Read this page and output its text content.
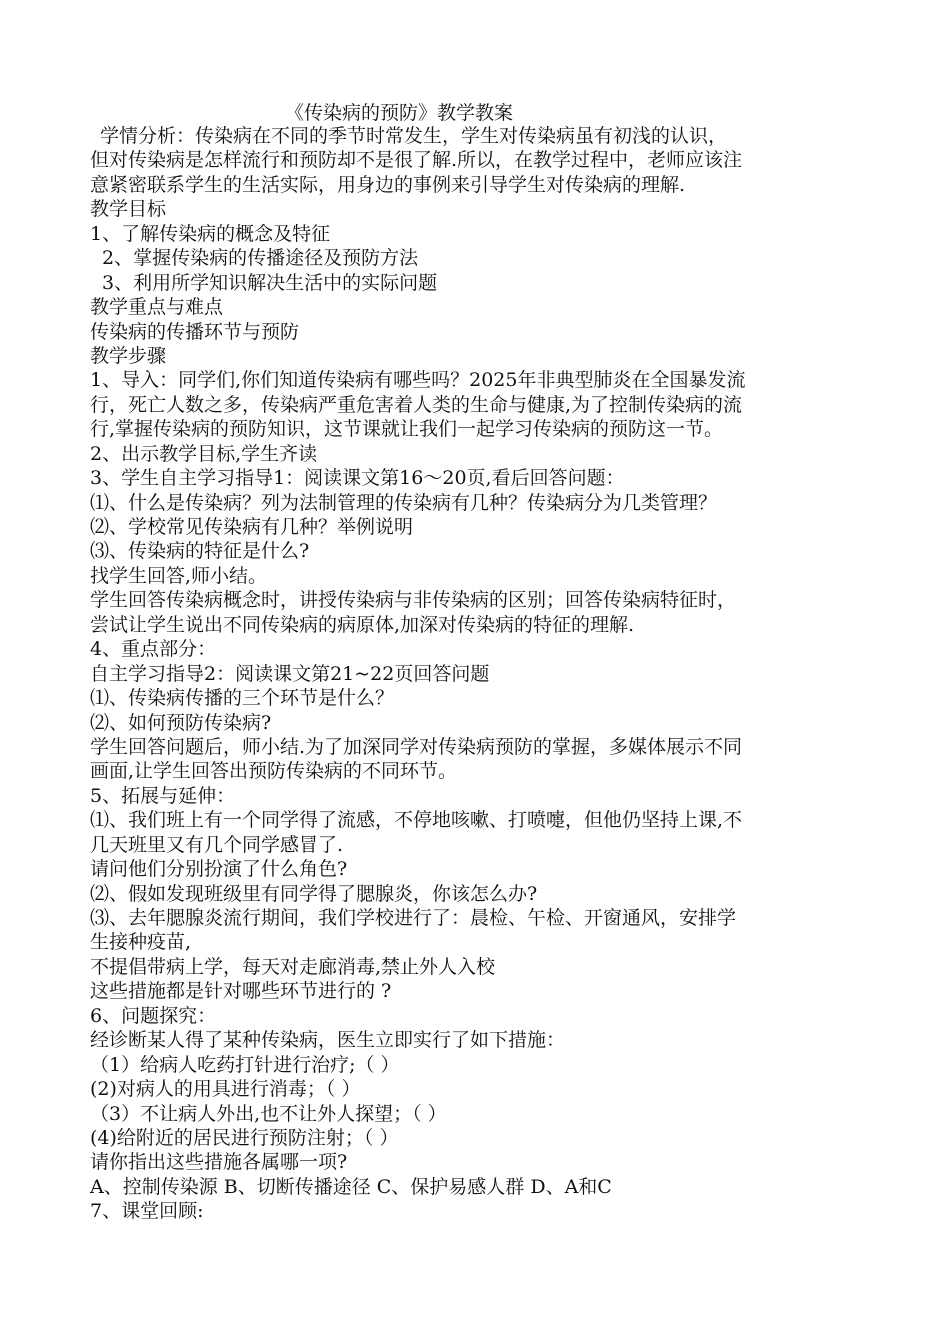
《传染病的预防》教学教案
学情分析：传染病在不同的季节时常发生，学生对传染病虽有初浅的认识，
但对传染病是怎样流行和预防却不是很了解.所以，在教学过程中，老师应该注
意紧密联系学生的生活实际，用身边的事例来引导学生对传染病的理解.
教学目标
1、了解传染病的概念及特征
2、掌握传染病的传播途径及预防方法
3、利用所学知识解决生活中的实际问题
教学重点与难点
传染病的传播环节与预防
教学步骤
1、导入：同学们,你们知道传染病有哪些吗？2025年非典型肺炎在全国暴发流
行，死亡人数之多，传染病严重危害着人类的生命与健康,为了控制传染病的流
行,掌握传染病的预防知识，这节课就让我们一起学习传染病的预防这一节。
2、出示教学目标,学生齐读
3、学生自主学习指导1：阅读课文第16～20页,看后回答问题：
⑴、什么是传染病？列为法制管理的传染病有几种？传染病分为几类管理？
⑵、学校常见传染病有几种？举例说明
⑶、传染病的特征是什么?
找学生回答,师小结。
学生回答传染病概念时，讲授传染病与非传染病的区别；回答传染病特征时，
尝试让学生说出不同传染病的病原体,加深对传染病的特征的理解.
4、重点部分：
自主学习指导2：阅读课文第21~22页回答问题
⑴、传染病传播的三个环节是什么？
⑵、如何预防传染病?
学生回答问题后，师小结.为了加深同学对传染病预防的掌握，多媒体展示不同
画面,让学生回答出预防传染病的不同环节。
5、拓展与延伸：
⑴、我们班上有一个同学得了流感，不停地咳嗽、打喷嚏，但他仍坚持上课,不
几天班里又有几个同学感冒了.
请问他们分别扮演了什么角色?
⑵、假如发现班级里有同学得了腮腺炎，你该怎么办?
⑶、去年腮腺炎流行期间，我们学校进行了：晨检、午检、开窗通风，安排学
生接种疫苗,
不提倡带病上学，每天对走廊消毒,禁止外人入校
这些措施都是针对哪些环节进行的 ?
6、问题探究：
经诊断某人得了某种传染病，医生立即实行了如下措施：
（1）给病人吃药打针进行治疗;（ ）
(2)对病人的用具进行消毒；（ ）
（3）不让病人外出,也不让外人探望；（ ）
(4)给附近的居民进行预防注射；（ ）
请你指出这些措施各属哪一项?
A、控制传染源 B、切断传播途径 C、保护易感人群 D、A和C
7、课堂回顾:
